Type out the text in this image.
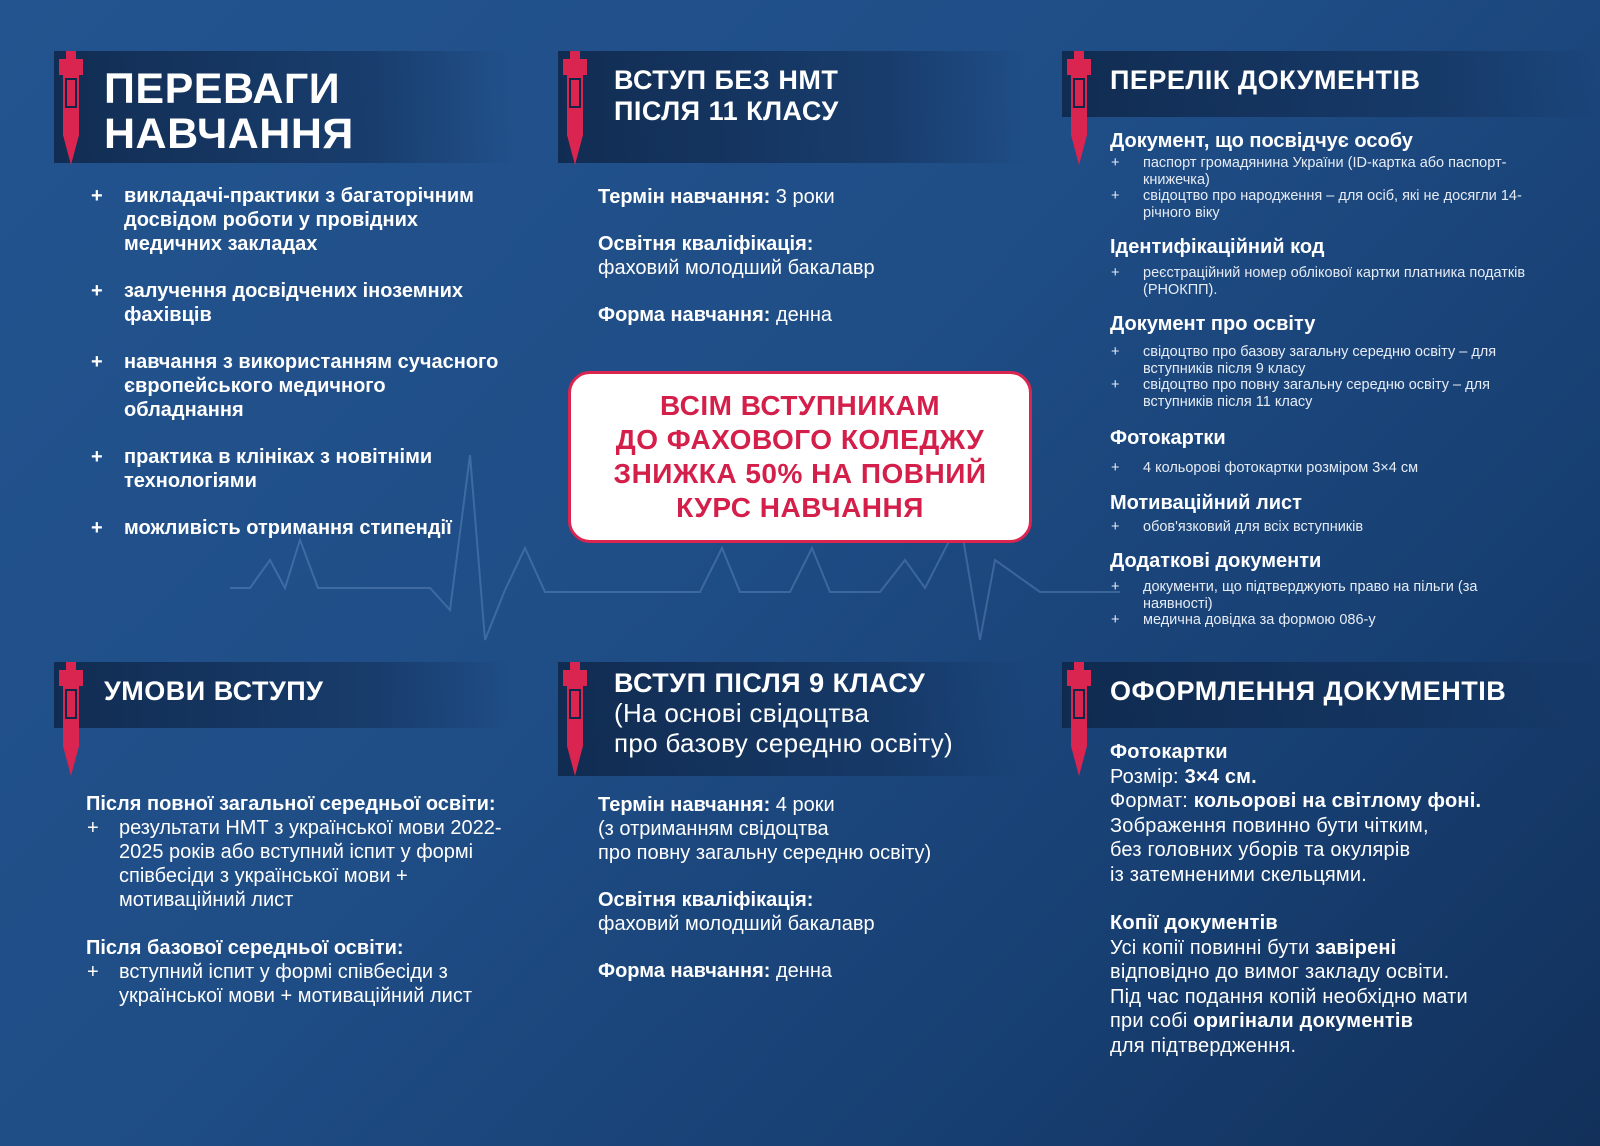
ПЕРЕВАГИ
НАВЧАННЯ
+ викладачі-практики з багаторічним досвідом роботи у провідних медичних закладах
+ залучення досвідчених іноземних фахівців
+ навчання з використанням сучасного європейського медичного обладнання
+ практика в клініках з новітніми технологіями
+ можливість отримання стипендії
ВСТУП БЕЗ НМТ
ПІСЛЯ 11 КЛАСУ

Термін навчання: 3 роки

Освітня кваліфікація:
фаховий молодший бакалавр

Форма навчання: денна

ВСІМ ВСТУПНИКАМ
ДО ФАХОВОГО КОЛЕДЖУ
ЗНИЖКА 50% НА ПОВНИЙ
КУРС НАВЧАННЯ
ПЕРЕЛІК ДОКУМЕНТІВ
Документ, що посвідчує особу
+ паспорт громадянина України (ID-картка або паспорт-книжечка)
+ свідоцтво про народження – для осіб, які не досягли 14-річного віку
Ідентифікаційний код
+ реєстраційний номер облікової картки платника податків (РНОКПП).
Документ про освіту
+ свідоцтво про базову загальну середню освіту – для вступників після 9 класу
+ свідоцтво про повну загальну середню освіту – для вступників після 11 класу
Фотокартки
+ 4 кольорові фотокартки розміром 3×4 см
Мотиваційний лист
+ обов'язковий для всіх вступників
Додаткові документи
+ документи, що підтверджують право на пільги (за наявності)
+ медична довідка за формою 086-у
УМОВИ ВСТУПУ
Після повної загальної середньої освіти:
+ результати НМТ з української мови 2022-2025 років або вступний іспит у формі співбесіди з української мови + мотиваційний лист
Після базової середньої освіти:
+ вступний іспит у формі співбесіди з української мови + мотиваційний лист
ВСТУП ПІСЛЯ 9 КЛАСУ
(На основі свідоцтва
про базову середню освіту)

Термін навчання: 4 роки
(з отриманням свідоцтва
про повну загальну середню освіту)

Освітня кваліфікація:
фаховий молодший бакалавр

Форма навчання: денна

ОФОРМЛЕННЯ ДОКУМЕНТІВ

Фотокартки

Розмір: 3×4 см.

Формат: кольорові на світлому фоні.

Зображення повинно бути чітким,

без головних уборів та окулярів

із затемненими скельцями.

Копії документів

Усі копії повинні бути завірені

відповідно до вимог закладу освіти.

Під час подання копій необхідно мати

при собі оригінали документів

для підтвердження.
